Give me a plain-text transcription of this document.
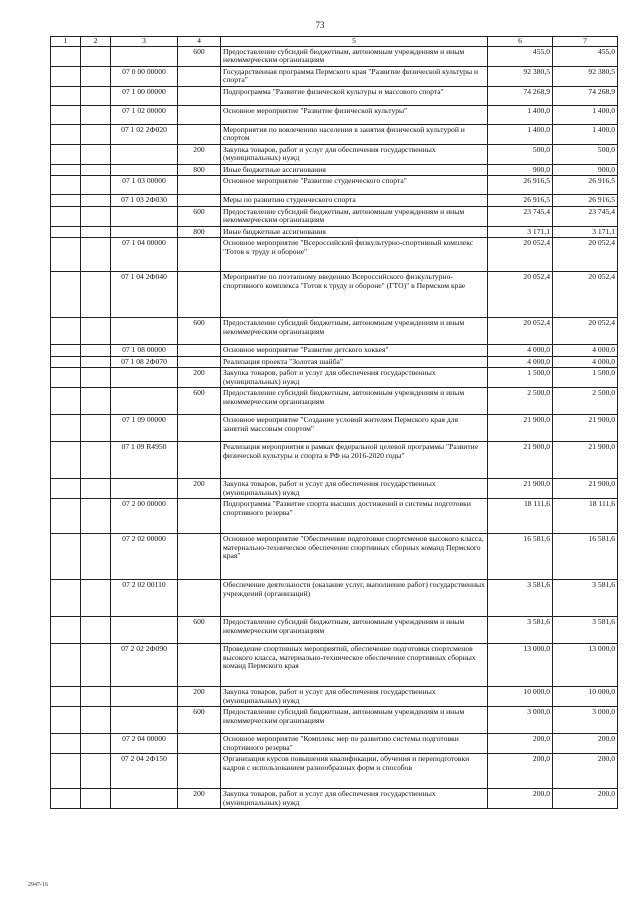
73
1	2	3	4	5	6	7
			600	Предоставление субсидий бюджетным, автономным учреждениям и иным некоммерческим организациям	455,0	455,0
		07 0 00 00000		Государственная программа Пермского края "Развитие физической культуры и спорта"	92 380,5	92 380,5
		07 1 00 00000		Подпрограмма "Развитие физической культуры и массового спорта"	74 268,9	74 268,9
		07 1 02 00000		Основное мероприятие "Развитие физической культуры"	1 400,0	1 400,0
		07 1 02 2Ф020		Мероприятия по вовлечению населения в занятия физической культурой и спортом	1 400,0	1 400,0
			200	Закупка товаров, работ и услуг для обеспечения государственных (муниципальных) нужд	500,0	500,0
			800	Иные бюджетные ассигнования	900,0	900,0
		07 1 03 00000		Основное мероприятие "Развитие студенческого спорта"	26 916,5	26 916,5
		07 1 03 2Ф030		Меры по развитию студенческого спорта	26 916,5	26 916,5
			600	Предоставление субсидий бюджетным, автономным учреждениям и иным некоммерческим организациям	23 745,4	23 745,4
			800	Иные бюджетные ассигнования	3 171,1	3 171,1
		07 1 04 00000		Основное мероприятие "Всероссийский физкультурно-спортивный комплекс "Готов к труду и обороне"	20 052,4	20 052,4
		07 1 04 2Ф040		Мероприятие по поэтапному введению Всероссийского физкультурно-спортивного комплекса "Готов к труду и обороне" (ГТО)" в Пермском крае	20 052,4	20 052,4
			600	Предоставление субсидий бюджетным, автономным учреждениям и иным некоммерческим организациям	20 052,4	20 052,4
		07 1 08 00000		Основное мероприятие "Развитие детского хоккея"	4 000,0	4 000,0
		07 1 08 2Ф070		Реализация проекта "Золотая шайба"	4 000,0	4 000,0
			200	Закупка товаров, работ и услуг для обеспечения государственных (муниципальных) нужд	1 500,0	1 500,0
			600	Предоставление субсидий бюджетным, автономным учреждениям и иным некоммерческим организациям	2 500,0	2 500,0
		07 1 09 00000		Основное мероприятие "Создание условий жителям Пермского края для занятий массовым спортом"	21 900,0	21 900,0
		07 1 09 R4950		Реализация мероприятия в рамках федеральной целевой программы "Развитие физической культуры и спорта в РФ на 2016-2020 годы"	21 900,0	21 900,0
			200	Закупка товаров, работ и услуг для обеспечения государственных (муниципальных) нужд	21 900,0	21 900,0
		07 2 00 00000		Подпрограмма "Развитие спорта высших достижений и системы подготовки спортивного резерва"	18 111,6	18 111,6
		07 2 02 00000		Основное мероприятие "Обеспечение подготовки спортсменов высокого класса, материально-техническое обеспечение спортивных сборных команд Пермского края"	16 581,6	16 581,6
		07 2 02 00110		Обеспечение деятельности (оказание услуг, выполнение работ) государственных учреждений (организаций)	3 581,6	3 581,6
			600	Предоставление субсидий бюджетным, автономным учреждениям и иным некоммерческим организациям	3 581,6	3 581,6
		07 2 02 2Ф090		Проведение спортивных мероприятий, обеспечение подготовки спортсменов высокого класса, материально-техническое обеспечение спортивных сборных команд Пермского края	13 000,0	13 000,0
			200	Закупка товаров, работ и услуг для обеспечения государственных (муниципальных) нужд	10 000,0	10 000,0
			600	Предоставление субсидий бюджетным, автономным учреждениям и иным некоммерческим организациям	3 000,0	3 000,0
		07 2 04 00000		Основное мероприятие "Комплекс мер по развитию системы подготовки спортивного резерва"	200,0	200,0
		07 2 04 2Ф150		Организация курсов повышения квалификации, обучения и переподготовки кадров с использованием разнообразных форм и способов	200,0	200,0
			200	Закупка товаров, работ и услуг для обеспечения государственных (муниципальных) нужд	200,0	200,0
2947-16
